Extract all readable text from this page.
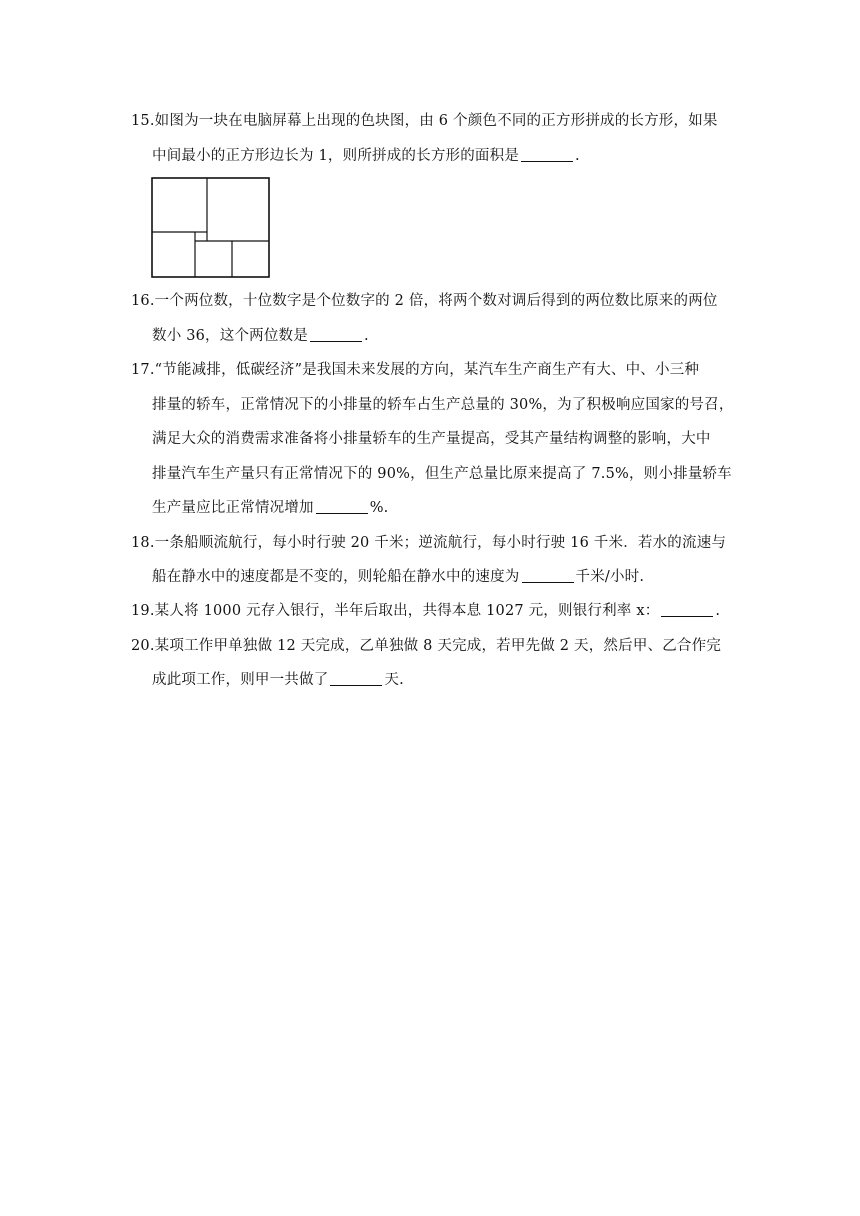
15.如图为一块在电脑屏幕上出现的色块图，由 6 个颜色不同的正方形拼成的长方形，如果
中间最小的正方形边长为 1，则所拼成的长方形的面积是	.
16.一个两位数，十位数字是个位数字的 2 倍，将两个数对调后得到的两位数比原来的两位
数小 36，这个两位数是	.
17.“节能减排，低碳经济”是我国未来发展的方向，某汽车生产商生产有大、中、小三种
排量的轿车，正常情况下的小排量的轿车占生产总量的 30%，为了积极响应国家的号召，
满足大众的消费需求准备将小排量轿车的生产量提高，受其产量结构调整的影响，大中
排量汽车生产量只有正常情况下的 90%，但生产总量比原来提高了 7.5%，则小排量轿车
生产量应比正常情况增加	%.
18.一条船顺流航行，每小时行驶 20 千米；逆流航行，每小时行驶 16 千米．若水的流速与
船在静水中的速度都是不变的，则轮船在静水中的速度为	千米/小时.
19.某人将 1000 元存入银行，半年后取出，共得本息 1027 元，则银行利率 x：	.
20.某项工作甲单独做 12 天完成，乙单独做 8 天完成，若甲先做 2 天，然后甲、乙合作完
成此项工作，则甲一共做了	天.
